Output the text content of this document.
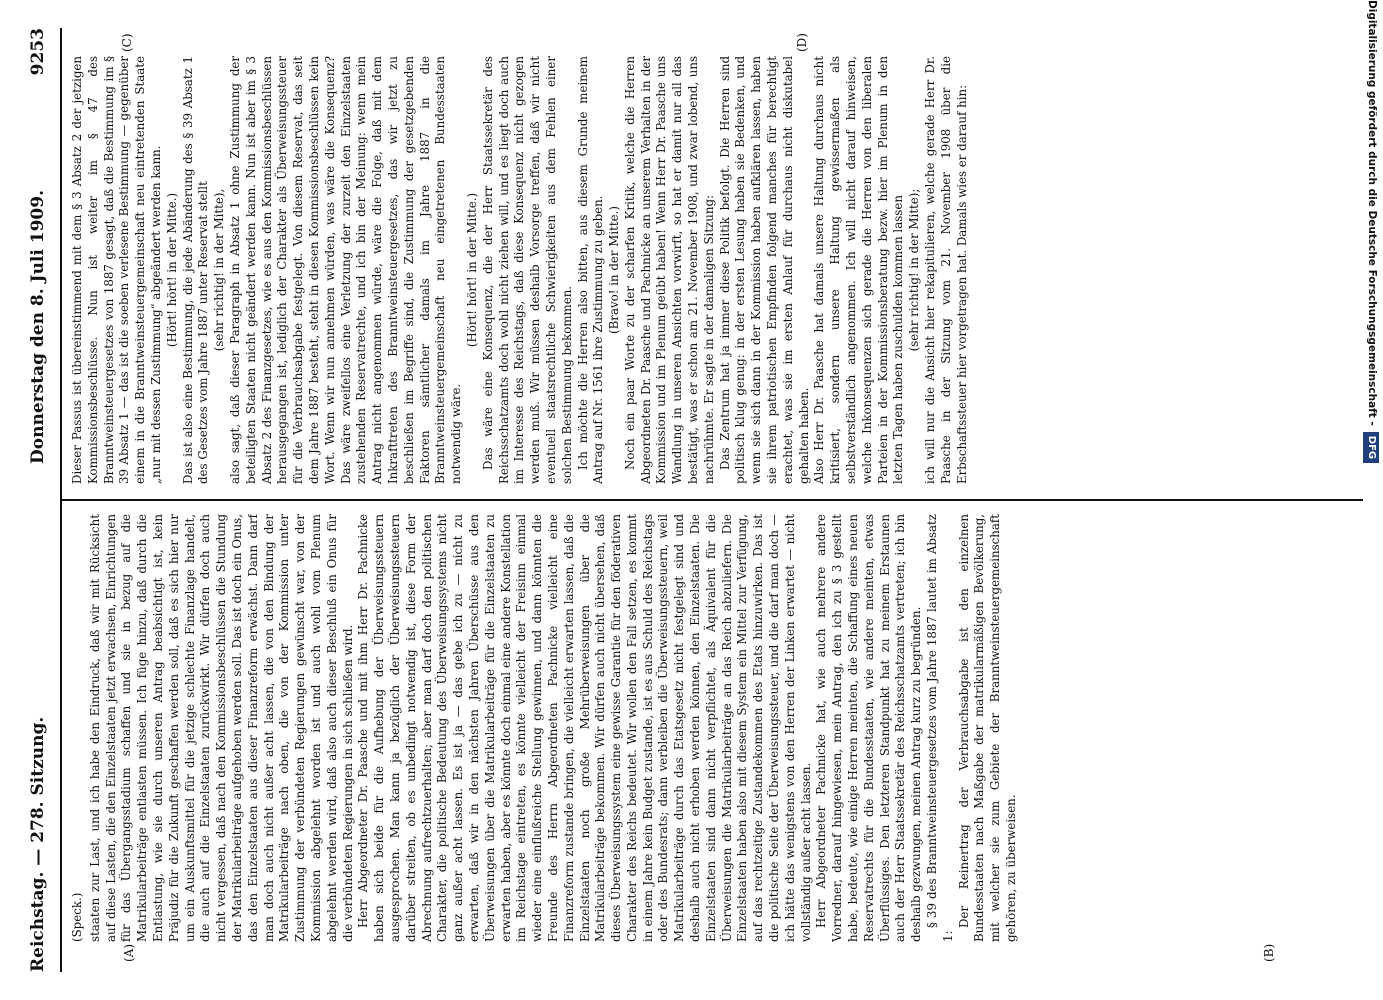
Reichstag. — 278. Sitzung.
Donnerstag den 8. Juli 1909.
9253
(A)	(B)
(C)	(D)
(Speck.) staaten zur Last, und ich habe den Eindruck, daß wir mit Rücksicht auf diese Lasten, die den Einzelstaaten jetzt erwachsen, Einrichtungen für das Übergangsstadium schaffen und sie in bezug auf die Matrikularbeiträge entlasten müssen. Ich füge hinzu, daß durch die Entlastung, wie sie durch unseren Antrag beabsichtigt ist, kein Präjudiz für die Zukunft geschaffen werden soll, daß es sich hier nur um ein Auskunftsmittel für die jetzige schlechte Finanzlage handelt, die auch auf die Einzelstaaten zurückwirkt. Wir dürfen doch auch nicht vergessen, daß nach den Kommissionsbeschlüssen die Stundung der Matrikularbeiträge aufgehoben werden soll. Das ist doch ein Onus, das den Einzelstaaten aus dieser Finanzreform erwächst. Dann darf man doch auch nicht außer acht lassen, die von den Bindung der Matrikularbeiträge nach oben, die von der Kommission unter Zustimmung der verbündeten Regierungen gewünscht war, von der Kommission abgelehnt worden ist und auch wohl vom Plenum abgelehnt werden wird, daß also auch dieser Beschluß ein Onus für die verbündeten Regierungen in sich schließen wird. Herr Abgeordneter Dr. Paasche und mit ihm Herr Dr. Pachnicke haben sich beide für die Aufhebung der Überweisungssteuern ausgesprochen. Man kann ja bezüglich der Überweisungssteuern darüber streiten, ob es unbedingt notwendig ist, diese Form der Abrechnung aufrechtzuerhalten; aber man darf doch den politischen Charakter, die politische Bedeutung des Überweisungssystems nicht ganz außer acht lassen. Es ist ja — das gebe ich zu — nicht zu erwarten, daß wir in den nächsten Jahren Überschüsse aus den Überweisungen über die Matrikularbeiträge für die Einzelstaaten zu erwarten haben, aber es könnte doch einmal eine andere Konstellation im Reichstage eintreten, es könnte vielleicht der Freisinn einmal wieder eine einflußreiche Stellung gewinnen, und dann könnten die Freunde des Herrn Abgeordneten Pachnicke vielleicht eine Finanzreform zustande bringen, die vielleicht erwarten lassen, daß die Einzelstaaten noch große Mehrüberweisungen über die Matrikularbeiträge bekommen. Wir dürfen auch nicht übersehen, daß dieses Überweisungssystem eine gewisse Garantie für den föderativen Charakter des Reichs bedeutet. Wir wollen den Fall setzen, es kommt in einem Jahre kein Budget zustande, ist es aus Schuld des Reichstags oder des Bundesrats; dann verbleiben die Überweisungssteuern, weil Matrikularbeiträge durch das Etatsgesetz nicht festgelegt sind und deshalb auch nicht erhoben werden können, den Einzelstaaten. Die Einzelstaaten sind dann nicht verpflichtet, als Äquivalent für die Überweisungen die Matrikularbeiträge an das Reich abzuliefern. Die Einzelstaaten haben also mit diesem System ein Mittel zur Verfügung, auf das rechtzeitige Zustandekommen des Etats hinzuwirken. Das ist die politische Seite der Überweisungssteuer, und die darf man doch — ich hätte das wenigstens von den Herren der Linken erwartet — nicht vollständig außer acht lassen. Herr Abgeordneter Pachnicke hat, wie auch mehrere andere Vorredner, darauf hingewiesen, mein Antrag, den ich zu § 3 gestellt habe, bedeute, wie einige Herren meinten, die Schaffung eines neuen Reservatrechts für die Bundesstaaten, wie andere meinten, etwas Überflüssiges. Den letzteren Standpunkt hat zu meinem Erstaunen auch der Herr Staatssekretär des Reichsschatzamts vertreten; ich bin deshalb gezwungen, meinen Antrag kurz zu begründen. § 39 des Branntweinsteuergesetzes vom Jahre 1887 lautet im Absatz 1:

Der Reinertrag der Verbrauchsabgabe ist den einzelnen Bundesstaaten nach Maßgabe der matrikularmäßigen Bevölkerung, mit welcher sie zum Gebiete der Branntweinsteuergemeinschaft gehören, zu überweisen.

Dieser Passus ist übereinstimmend mit dem § 3 Absatz 2 der jetzigen Kommissionsbeschlüsse. Nun ist weiter im § 47 des Branntweinsteuergesetzes von 1887 gesagt, daß die Bestimmung im § 39 Absatz 1 — das ist die soeben verlesene Bestimmung — gegenüber einem in die Branntweinsteuergemeinschaft neu eintretenden Staate „nur mit dessen Zustimmung“ abgeändert werden kann. (Hört! hört! in der Mitte.) Das ist also eine Bestimmung, die jede Abänderung des § 39 Absatz 1 des Gesetzes vom Jahre 1887 unter Reservat stellt (sehr richtig! in der Mitte), also sagt, daß dieser Paragraph in Absatz 1 ohne Zustimmung der beteiligten Staaten nicht geändert werden kann. Nun ist aber im § 3 Absatz 2 des Finanzgesetzes, wie es aus den Kommissionsbeschlüssen herausgegangen ist, lediglich der Charakter als Überweisungssteuer für die Verbrauchsabgabe festgelegt. Von diesem Reservat, das seit dem Jahre 1887 besteht, steht in diesen Kommissionsbeschlüssen kein Wort. Wenn wir nun annehmen würden, was wäre die Konsequenz? Das wäre zweifellos eine Verletzung der zurzeit den Einzelstaaten zustehenden Reservatrechte, und ich bin der Meinung: wenn mein Antrag nicht angenommen würde, wäre die Folge, daß mit dem Inkrafttreten des Branntweinsteuergesetzes, das wir jetzt zu beschließen im Begriffe sind, die Zustimmung der gesetzgebenden Faktoren sämtlicher damals im Jahre 1887 in die Branntweinsteuergemeinschaft neu eingetretenen Bundesstaaten notwendig wäre.

(Hört! hört! in der Mitte.) Das wäre eine Konsequenz, die der Herr Staatssekretär des Reichsschatzamts doch wohl nicht ziehen will, und es liegt doch auch im Interesse des Reichstags, daß diese Konsequenz nicht gezogen werden muß. Wir müssen deshalb Vorsorge treffen, daß wir nicht eventuell staatsrechtliche Schwierigkeiten aus dem Fehlen einer solchen Bestimmung bekommen. Ich möchte die Herren also bitten, aus diesem Grunde meinem Antrag auf Nr. 1561 ihre Zustimmung zu geben. (Bravo! in der Mitte.) Noch ein paar Worte zu der scharfen Kritik, welche die Herren Abgeordneten Dr. Paasche und Pachnicke an unserem Verhalten in der Kommission und im Plenum geübt haben! Wenn Herr Dr. Paasche uns Wandlung in unseren Ansichten vorwirft, so hat er damit nur all das bestätigt, was er schon am 21. November 1908, und zwar lobend, uns nachrühmte. Er sagte in der damaligen Sitzung: Das Zentrum hat ja immer diese Politik befolgt. Die Herren sind politisch klug genug: in der ersten Lesung haben sie Bedenken, und wenn sie sich dann in der Kommission haben aufklären lassen, haben sie ihrem patriotischen Empfinden folgend manches für berechtigt erachtet, was sie im ersten Anlauf für durchaus nicht diskutabel gehalten haben. Also Herr Dr. Paasche hat damals unsere Haltung durchaus nicht kritisiert, sondern unsere Haltung gewissermaßen als selbstverständlich angenommen. Ich will nicht darauf hinweisen, welche Inkonsequenzen sich gerade die Herren von den liberalen Parteien in der Kommissionsberatung bezw. hier im Plenum in den letzten Tagen haben zuschulden kommen lassen (sehr richtig! in der Mitte); ich will nur die Ansicht hier rekapitulieren, welche gerade Herr Dr. Paasche in der Sitzung vom 21. November 1908 über die Erbschaftssteuer hier vorgetragen hat. Damals wies er darauf hin:	Digitalisierung gefördert durch die Deutsche Forschungsgemeinschaft -DFG
